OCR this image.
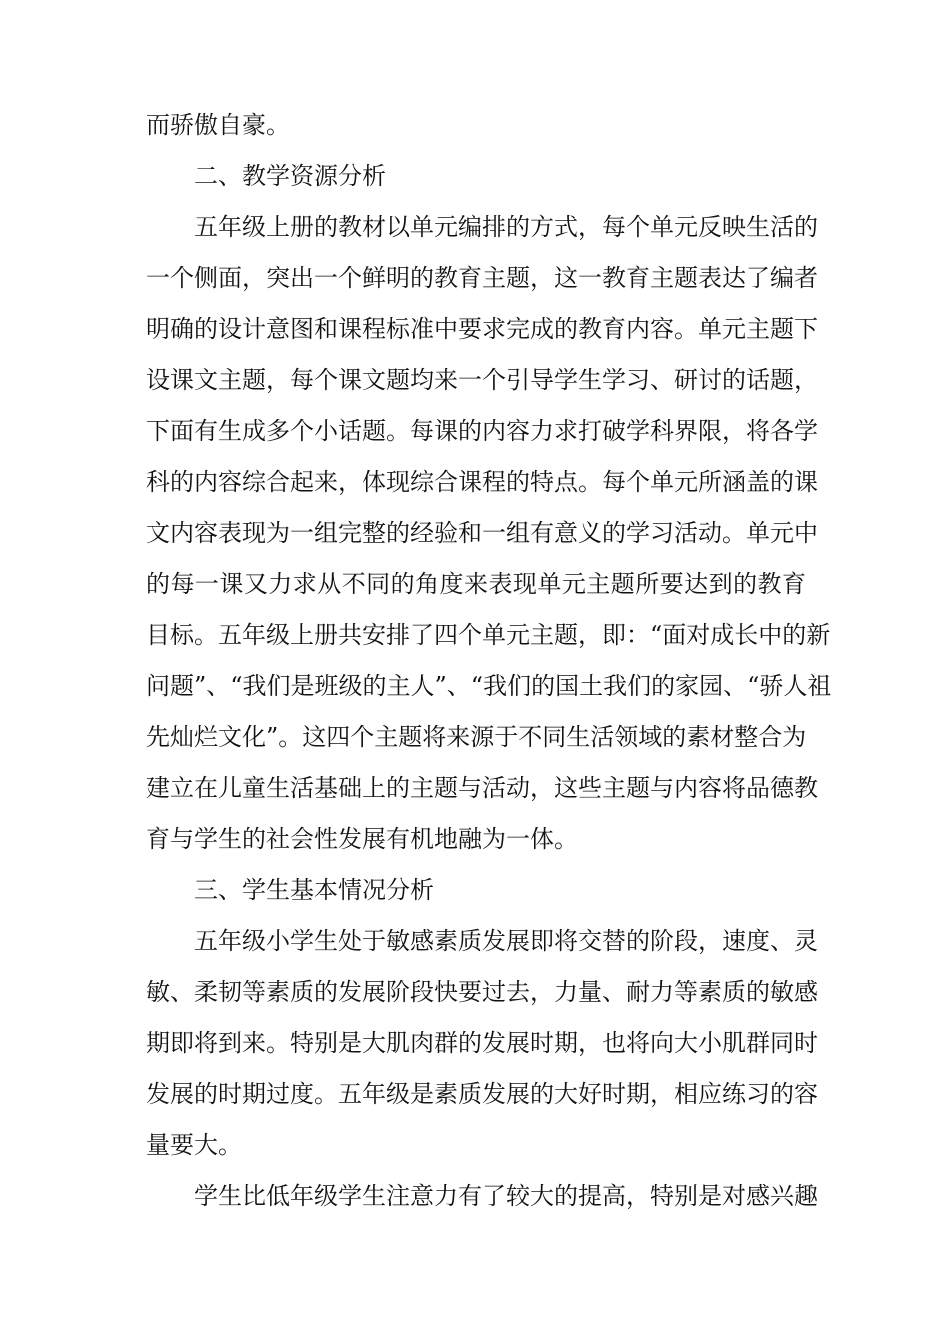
而骄傲自豪。
二、教学资源分析
五年级上册的教材以单元编排的方式，每个单元反映生活的
一个侧面，突出一个鲜明的教育主题，这一教育主题表达了编者
明确的设计意图和课程标准中要求完成的教育内容。单元主题下
设课文主题，每个课文题均来一个引导学生学习、研讨的话题，
下面有生成多个小话题。每课的内容力求打破学科界限，将各学
科的内容综合起来，体现综合课程的特点。每个单元所涵盖的课
文内容表现为一组完整的经验和一组有意义的学习活动。单元中
的每一课又力求从不同的角度来表现单元主题所要达到的教育
目标。五年级上册共安排了四个单元主题，即：“面对成长中的新
问题”、“我们是班级的主人”、“我们的国土我们的家园、“骄人祖
先灿烂文化”。这四个主题将来源于不同生活领域的素材整合为
建立在儿童生活基础上的主题与活动，这些主题与内容将品德教
育与学生的社会性发展有机地融为一体。
三、学生基本情况分析
五年级小学生处于敏感素质发展即将交替的阶段，速度、灵
敏、柔韧等素质的发展阶段快要过去，力量、耐力等素质的敏感
期即将到来。特别是大肌肉群的发展时期，也将向大小肌群同时
发展的时期过度。五年级是素质发展的大好时期，相应练习的容
量要大。
学生比低年级学生注意力有了较大的提高，特别是对感兴趣
